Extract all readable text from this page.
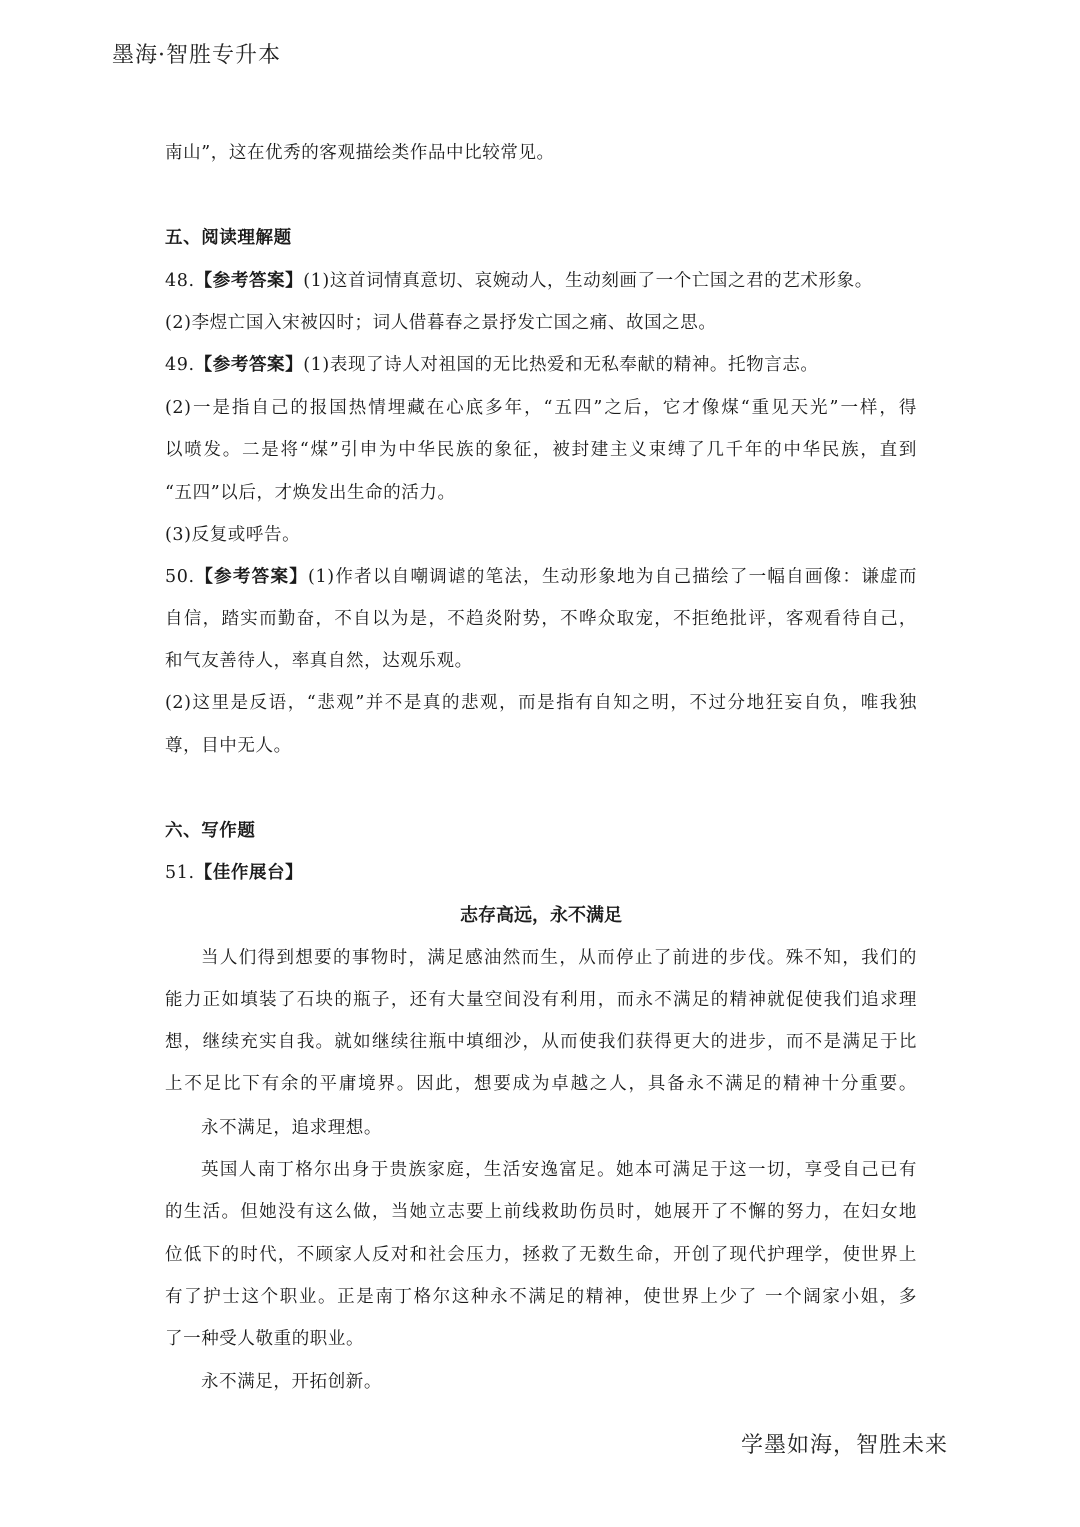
墨海·智胜专升本
南山”，这在优秀的客观描绘类作品中比较常见。
五、阅读理解题
48.【参考答案】(1)这首词情真意切、哀婉动人，生动刻画了一个亡国之君的艺术形象。
(2)李煜亡国入宋被囚时；词人借暮春之景抒发亡国之痛、故国之思。
49.【参考答案】(1)表现了诗人对祖国的无比热爱和无私奉献的精神。托物言志。
(2)一是指自己的报国热情埋藏在心底多年，“五四”之后，它才像煤“重见天光”一样，得
以喷发。二是将“煤”引申为中华民族的象征，被封建主义束缚了几千年的中华民族，直到
“五四”以后，才焕发出生命的活力。
(3)反复或呼告。
50.【参考答案】(1)作者以自嘲调谑的笔法，生动形象地为自己描绘了一幅自画像：谦虚而
自信，踏实而勤奋，不自以为是，不趋炎附势，不哗众取宠，不拒绝批评，客观看待自己，
和气友善待人，率真自然，达观乐观。
(2)这里是反语，“悲观”并不是真的悲观，而是指有自知之明，不过分地狂妄自负，唯我独
尊，目中无人。
六、写作题
51.【佳作展台】
志存高远，永不满足
当人们得到想要的事物时，满足感油然而生，从而停止了前进的步伐。殊不知，我们的
能力正如填装了石块的瓶子，还有大量空间没有利用，而永不满足的精神就促使我们追求理
想，继续充实自我。就如继续往瓶中填细沙，从而使我们获得更大的进步，而不是满足于比
上不足比下有余的平庸境界。因此，想要成为卓越之人，具备永不满足的精神十分重要。
永不满足，追求理想。
英国人南丁格尔出身于贵族家庭，生活安逸富足。她本可满足于这一切，享受自己已有
的生活。但她没有这么做，当她立志要上前线救助伤员时，她展开了不懈的努力，在妇女地
位低下的时代，不顾家人反对和社会压力，拯救了无数生命，开创了现代护理学，使世界上
有了护士这个职业。正是南丁格尔这种永不满足的精神，使世界上少了 一个阔家小姐，多
了一种受人敬重的职业。
永不满足，开拓创新。
学墨如海，智胜未来
